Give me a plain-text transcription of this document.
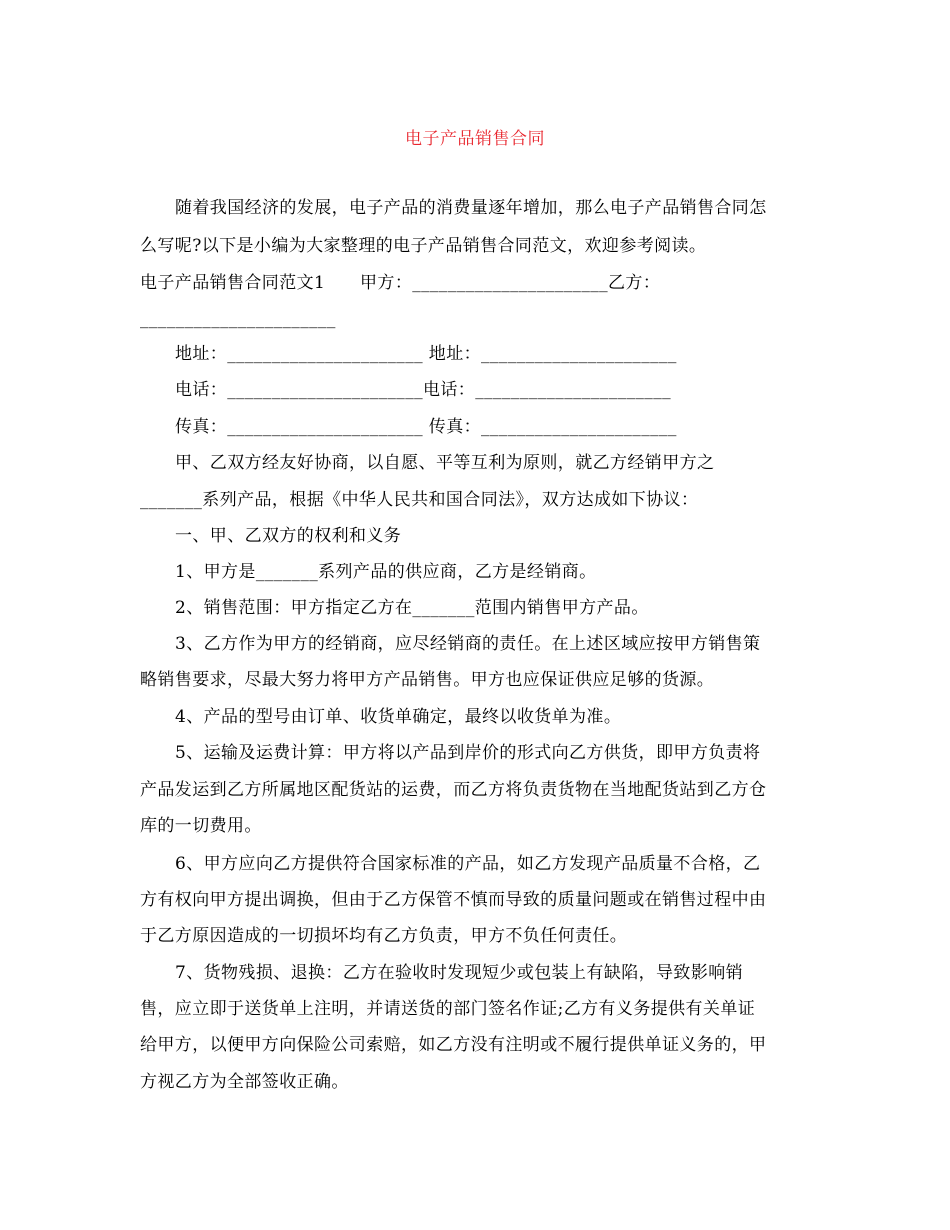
电子产品销售合同
随着我国经济的发展，电子产品的消费量逐年增加，那么电子产品销售合同怎
么写呢?以下是小编为大家整理的电子产品销售合同范文，欢迎参考阅读。
电子产品销售合同范文1　　甲方：______________________乙方：
______________________
地址：______________________ 地址：______________________
电话：______________________电话：______________________
传真：______________________ 传真：______________________
甲、乙双方经友好协商，以自愿、平等互利为原则，就乙方经销甲方之
_______系列产品，根据《中华人民共和国合同法》，双方达成如下协议：
一、甲、乙双方的权利和义务
1、甲方是_______系列产品的供应商，乙方是经销商。
2、销售范围：甲方指定乙方在_______范围内销售甲方产品。
3、乙方作为甲方的经销商，应尽经销商的责任。在上述区域应按甲方销售策
略销售要求，尽最大努力将甲方产品销售。甲方也应保证供应足够的货源。
4、产品的型号由订单、收货单确定，最终以收货单为准。
5、运输及运费计算：甲方将以产品到岸价的形式向乙方供货，即甲方负责将
产品发运到乙方所属地区配货站的运费，而乙方将负责货物在当地配货站到乙方仓
库的一切费用。
6、甲方应向乙方提供符合国家标准的产品，如乙方发现产品质量不合格，乙
方有权向甲方提出调换，但由于乙方保管不慎而导致的质量问题或在销售过程中由
于乙方原因造成的一切损坏均有乙方负责，甲方不负任何责任。
7、货物残损、退换：乙方在验收时发现短少或包装上有缺陷，导致影响销
售，应立即于送货单上注明，并请送货的部门签名作证;乙方有义务提供有关单证
给甲方，以便甲方向保险公司索赔，如乙方没有注明或不履行提供单证义务的，甲
方视乙方为全部签收正确。
